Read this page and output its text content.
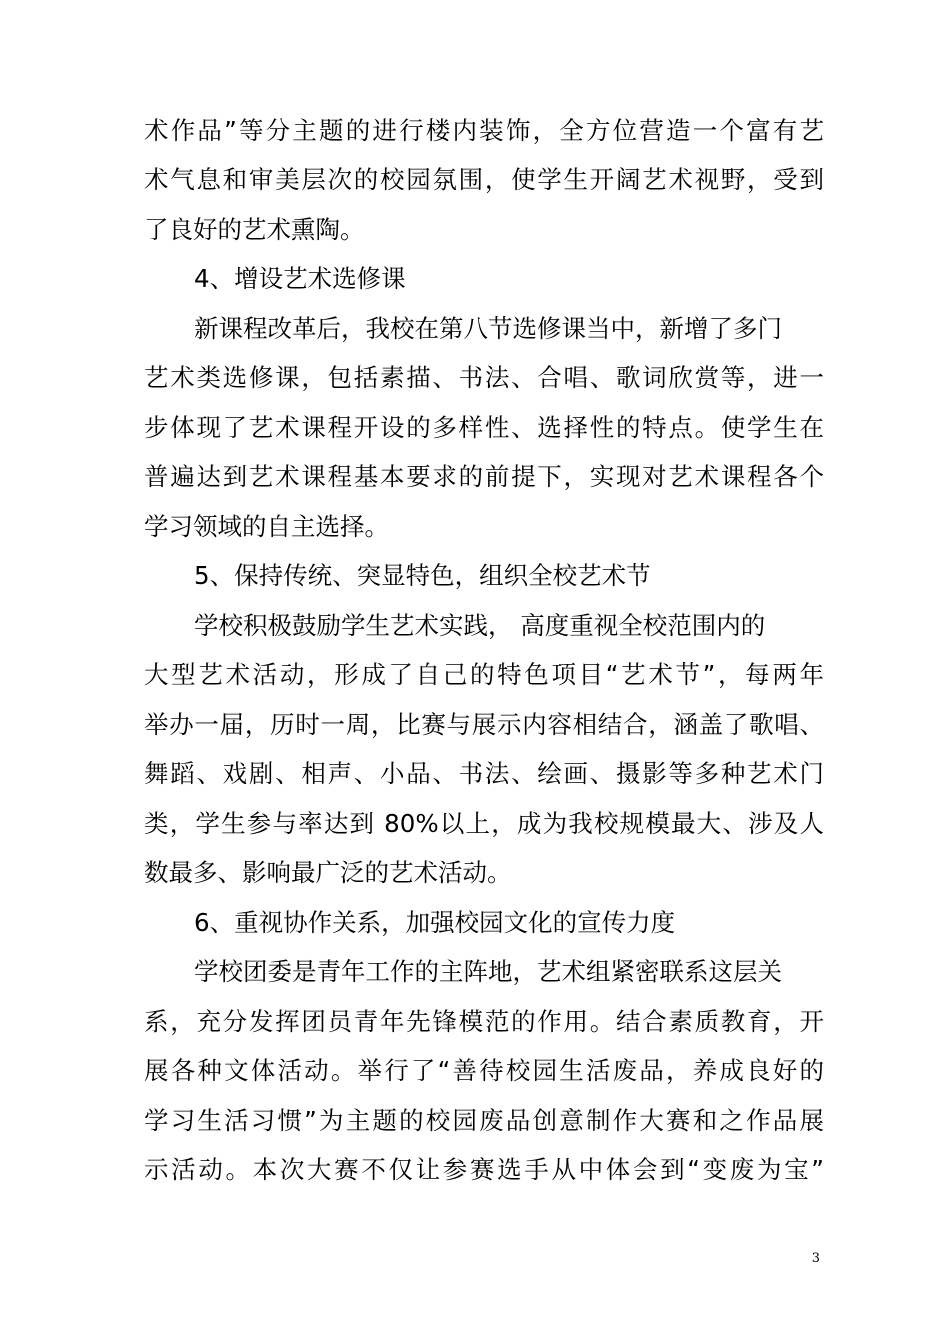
术作品”等分主题的进行楼内装饰，全方位营造一个富有艺
术气息和审美层次的校园氛围，使学生开阔艺术视野，受到
了良好的艺术熏陶。
4、增设艺术选修课
新课程改革后，我校在第八节选修课当中，新增了多门
艺术类选修课，包括素描、书法、合唱、歌词欣赏等，进一
步体现了艺术课程开设的多样性、选择性的特点。使学生在
普遍达到艺术课程基本要求的前提下，实现对艺术课程各个
学习领域的自主选择。
5、保持传统、突显特色，组织全校艺术节
学校积极鼓励学生艺术实践， 高度重视全校范围内的
大型艺术活动，形成了自己的特色项目“艺术节”，每两年
举办一届，历时一周，比赛与展示内容相结合，涵盖了歌唱、
舞蹈、戏剧、相声、小品、书法、绘画、摄影等多种艺术门
类，学生参与率达到 80%以上，成为我校规模最大、涉及人
数最多、影响最广泛的艺术活动。
6、重视协作关系，加强校园文化的宣传力度
学校团委是青年工作的主阵地，艺术组紧密联系这层关
系，充分发挥团员青年先锋模范的作用。结合素质教育，开
展各种文体活动。举行了“善待校园生活废品，养成良好的
学习生活习惯”为主题的校园废品创意制作大赛和之作品展
示活动。本次大赛不仅让参赛选手从中体会到“变废为宝”
3
